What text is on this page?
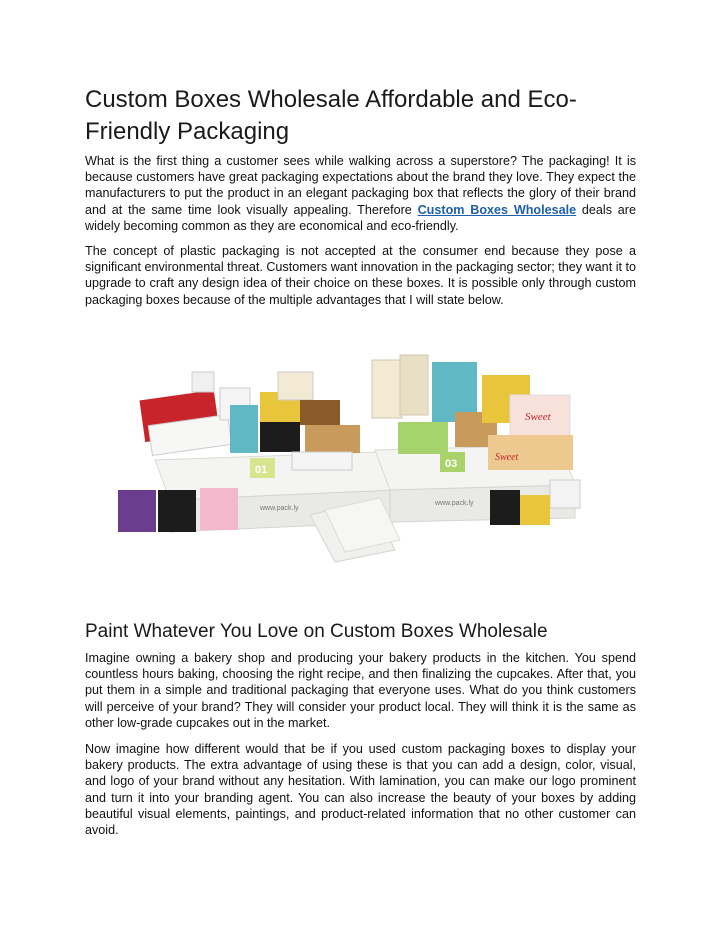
Custom Boxes Wholesale Affordable and Eco-Friendly Packaging

What is the first thing a customer sees while walking across a superstore? The packaging! It is because customers have great packaging expectations about the brand they love. They expect the manufacturers to put the product in an elegant packaging box that reflects the glory of their brand and at the same time look visually appealing. Therefore Custom Boxes Wholesale deals are widely becoming common as they are economical and eco-friendly.

The concept of plastic packaging is not accepted at the consumer end because they pose a significant environmental threat. Customers want innovation in the packaging sector; they want it to upgrade to craft any design idea of their choice on these boxes. It is possible only through custom packaging boxes because of the multiple advantages that I will state below.

www.pack.ly
www.pack.ly
01	03
Sweet
Sweet
Paint Whatever You Love on Custom Boxes Wholesale

Imagine owning a bakery shop and producing your bakery products in the kitchen. You spend countless hours baking, choosing the right recipe, and then finalizing the cupcakes. After that, you put them in a simple and traditional packaging that everyone uses. What do you think customers will perceive of your brand? They will consider your product local. They will think it is the same as other low-grade cupcakes out in the market.

Now imagine how different would that be if you used custom packaging boxes to display your bakery products. The extra advantage of using these is that you can add a design, color, visual, and logo of your brand without any hesitation. With lamination, you can make our logo prominent and turn it into your branding agent. You can also increase the beauty of your boxes by adding beautiful visual elements, paintings, and product-related information that no other customer can avoid.
